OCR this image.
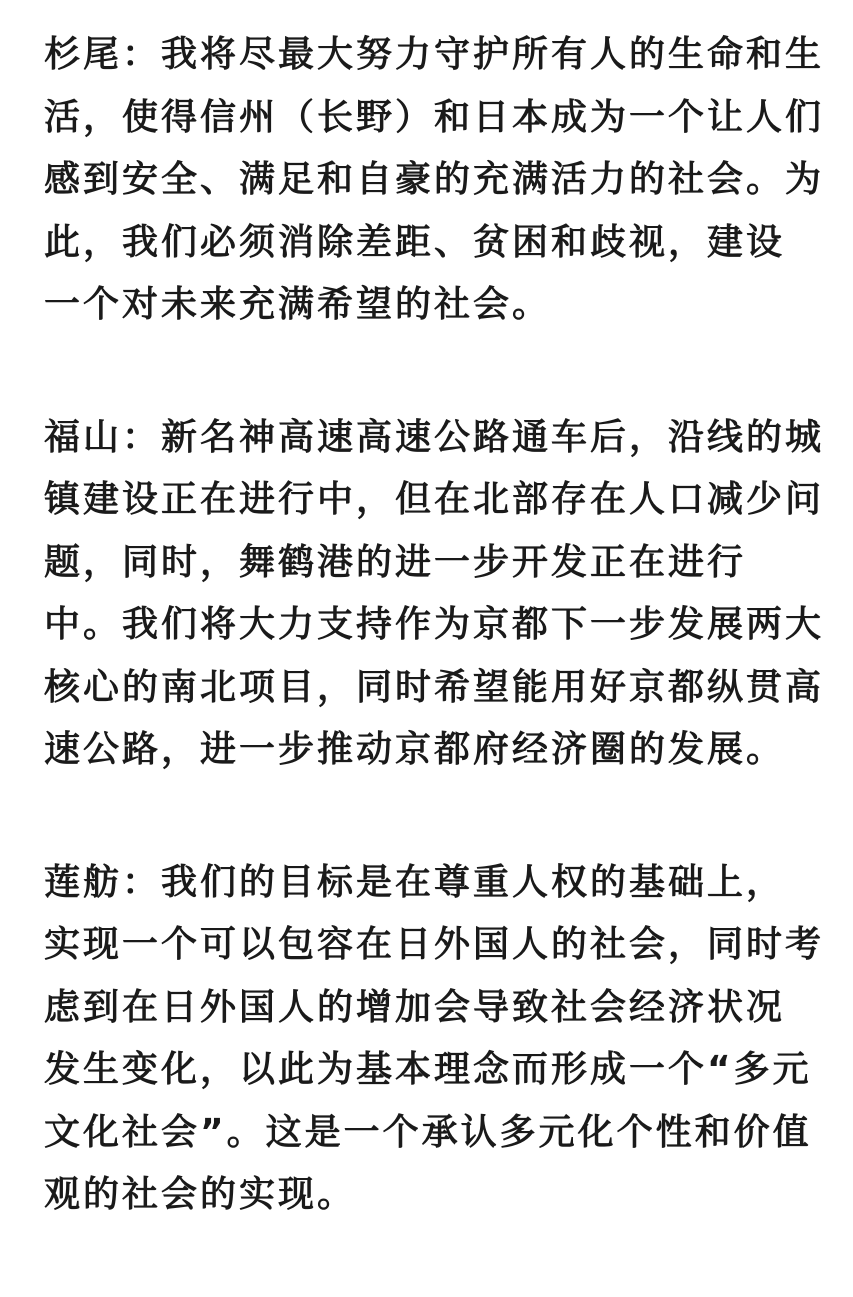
杉尾：我将尽最大努力守护所有人的生命和生
活，使得信州（长野）和日本成为一个让人们
感到安全、满足和自豪的充满活力的社会。为
此，我们必须消除差距、贫困和歧视，建设
一个对未来充满希望的社会。
福山：新名神高速高速公路通车后，沿线的城
镇建设正在进行中，但在北部存在人口减少问
题，同时，舞鹤港的进一步开发正在进行
中。我们将大力支持作为京都下一步发展两大
核心的南北项目，同时希望能用好京都纵贯高
速公路，进一步推动京都府经济圈的发展。
莲舫：我们的目标是在尊重人权的基础上，
实现一个可以包容在日外国人的社会，同时考
虑到在日外国人的增加会导致社会经济状况
发生变化，以此为基本理念而形成一个“多元
文化社会”。这是一个承认多元化个性和价值
观的社会的实现。
